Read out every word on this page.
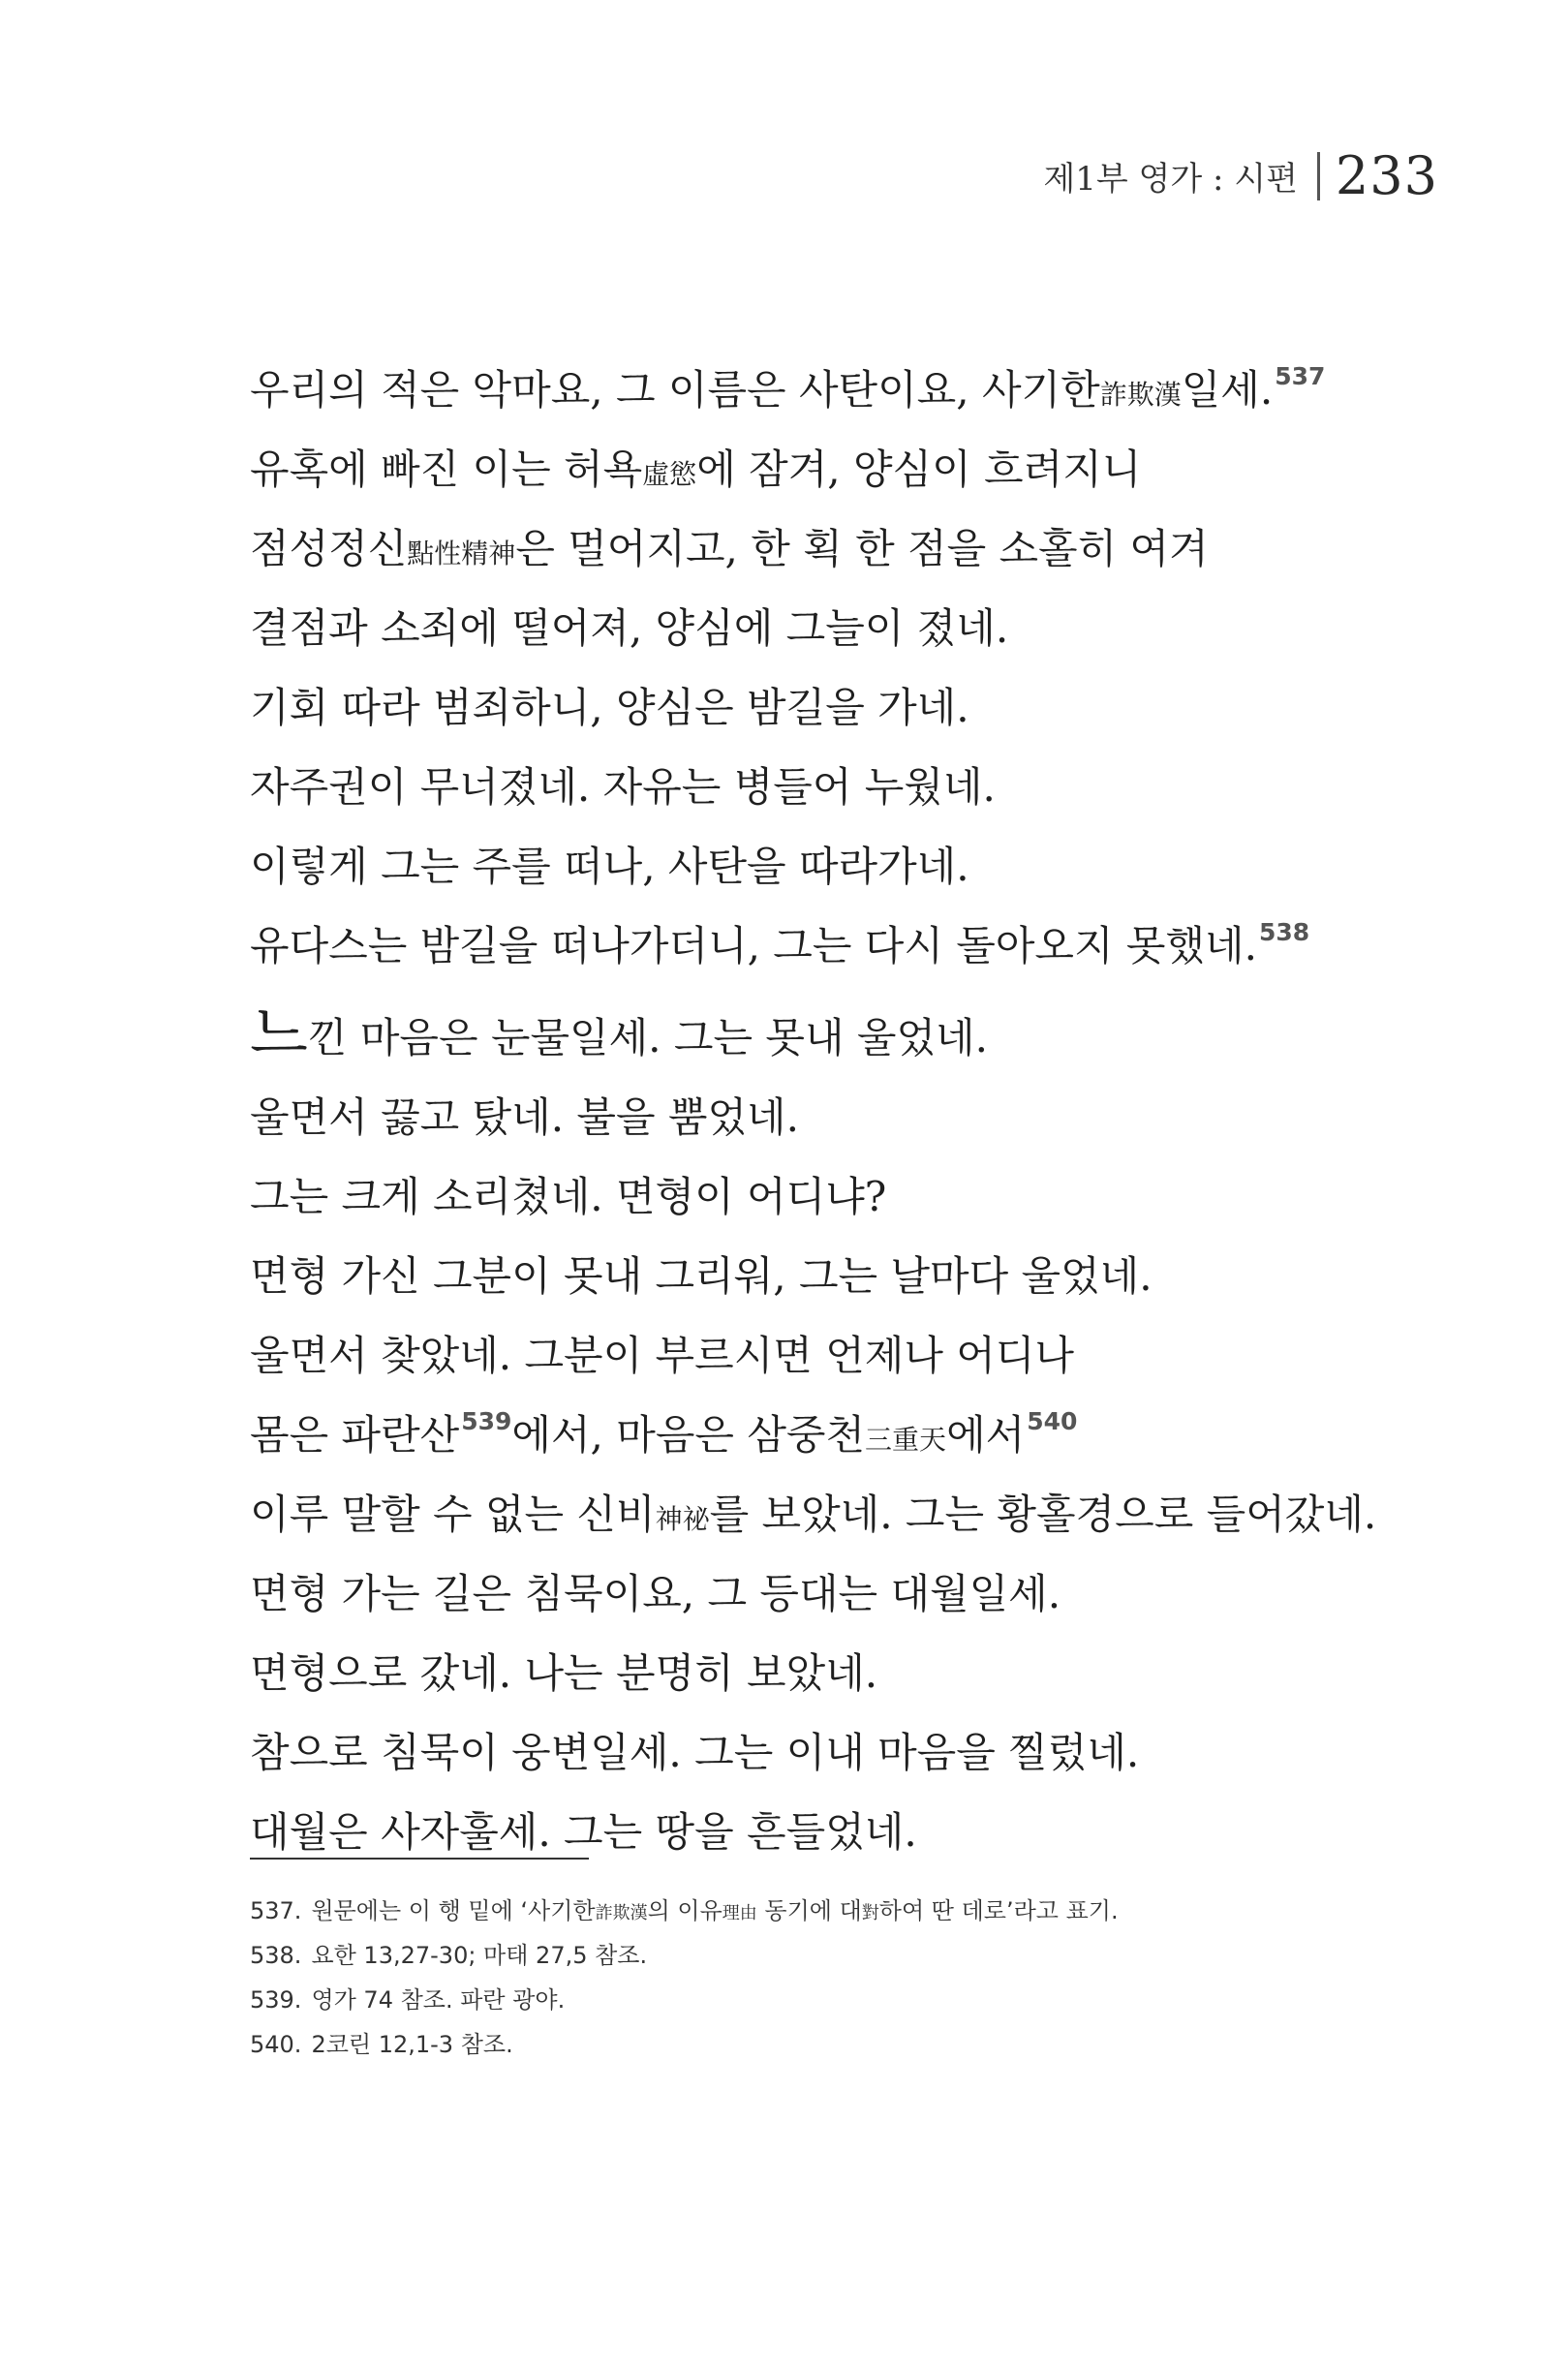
제1부 영가 : 시편 233
우리의 적은 악마요, 그 이름은 사탄이요, 사기한詐欺漢일세.$^{537}$
유혹에 빠진 이는 허욕虛慾에 잠겨, 양심이 흐려지니
점성정신點性精神은 멀어지고, 한 획 한 점을 소홀히 여겨
결점과 소죄에 떨어져, 양심에 그늘이 졌네.
기회 따라 범죄하니, 양심은 밤길을 가네.
자주권이 무너졌네. 자유는 병들어 누웠네.
이렇게 그는 주를 떠나, 사탄을 따라가네.
유다스는 밤길을 떠나가더니, 그는 다시 돌아오지 못했네.$^{538}$
느낀 마음은 눈물일세. 그는 못내 울었네.
울면서 끓고 탔네. 불을 뿜었네.
그는 크게 소리쳤네. 면형이 어디냐?
면형 가신 그분이 못내 그리워, 그는 날마다 울었네.
울면서 찾았네. 그분이 부르시면 언제나 어디나
몸은 파란산$^{539}$에서, 마음은 삼중천三重天에서$^{540}$
이루 말할 수 없는 신비神祕를 보았네. 그는 황홀경으로 들어갔네.
면형 가는 길은 침묵이요, 그 등대는 대월일세.
면형으로 갔네. 나는 분명히 보았네.
참으로 침묵이 웅변일세. 그는 이내 마음을 찔렀네.
대월은 사자훌세. 그는 땅을 흔들었네.
537. 원문에는 이 행 밑에 ‘사기한詐欺漢의 이유理由 동기에 대對하여 딴 데로’라고 표기.
538. 요한 13,27-30; 마태 27,5 참조.
539. 영가 74 참조. 파란 광야.
540. 2코린 12,1-3 참조.
